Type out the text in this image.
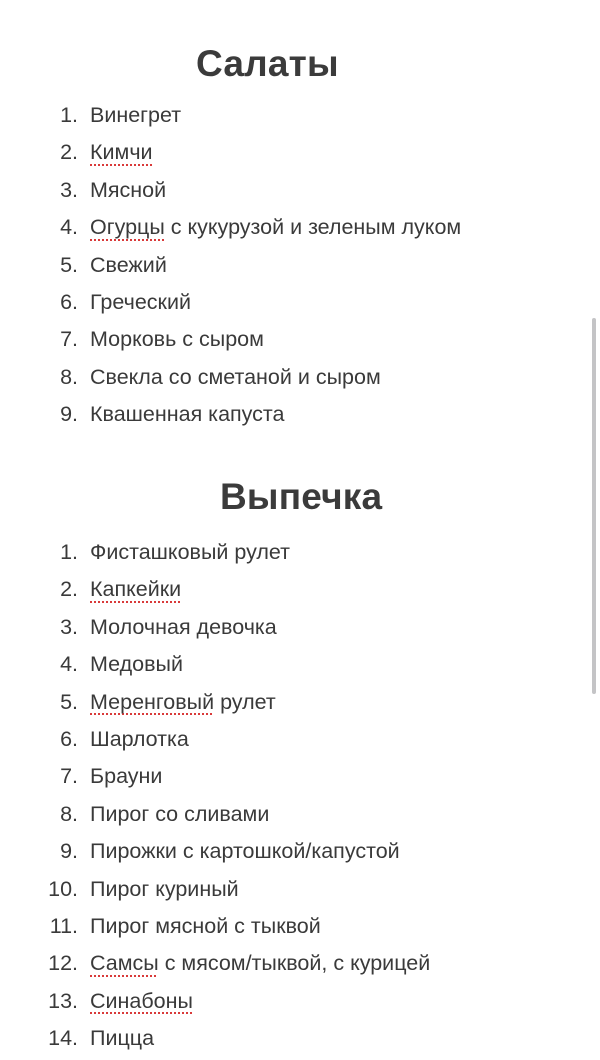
Салаты
1. Винегрет
2. Кимчи
3. Мясной
4. Огурцы с кукурузой и зеленым луком
5. Свежий
6. Греческий
7. Морковь с сыром
8. Свекла со сметаной и сыром
9. Квашенная капуста
Выпечка
1. Фисташковый рулет
2. Капкейки
3. Молочная девочка
4. Медовый
5. Меренговый рулет
6. Шарлотка
7. Брауни
8. Пирог со сливами
9. Пирожки с картошкой/капустой
10. Пирог куриный
11. Пирог мясной с тыквой
12. Самсы с мясом/тыквой, с курицей
13. Синабоны
14. Пицца
